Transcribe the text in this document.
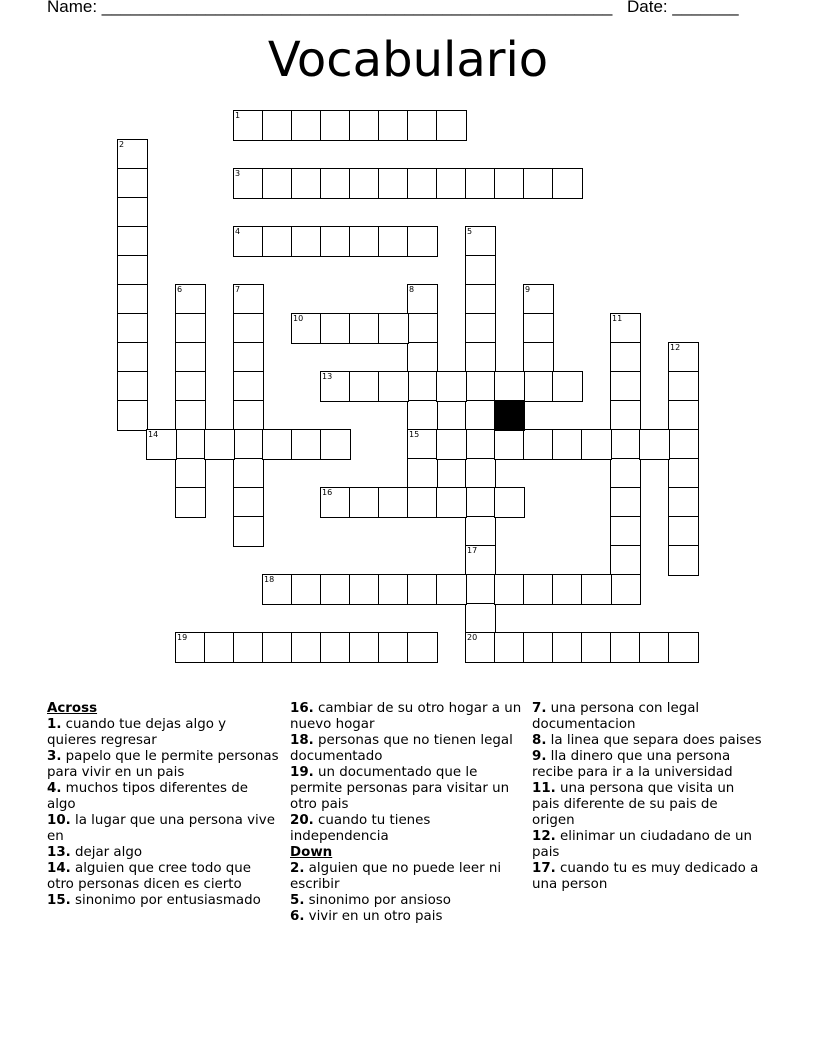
Name: ______________________________________________________ Date: _______
Vocabulario
1
2
3
4	5
17
6	7	8
15
9
10	11
12
13
14
16
20
18
19
Across
1. cuando tue dejas algo y quieres regresar
3. papelo que le permite personas para vivir en un pais
4. muchos tipos diferentes de algo
10. la lugar que una persona vive en
13. dejar algo
14. alguien que cree todo que otro personas dicen es cierto
15. sinonimo por entusiasmado
16. cambiar de su otro hogar a un nuevo hogar
18. personas que no tienen legal documentado
19. un documentado que le permite personas para visitar un otro pais
20. cuando tu tienes independencia
Down
2. alguien que no puede leer ni escribir
5. sinonimo por ansioso
6. vivir en un otro pais
7. una persona con legal documentacion
8. la linea que separa does paises
9. lla dinero que una persona recibe para ir a la universidad
11. una persona que visita un pais diferente de su pais de origen
12. elinimar un ciudadano de un pais
17. cuando tu es muy dedicado a una person
